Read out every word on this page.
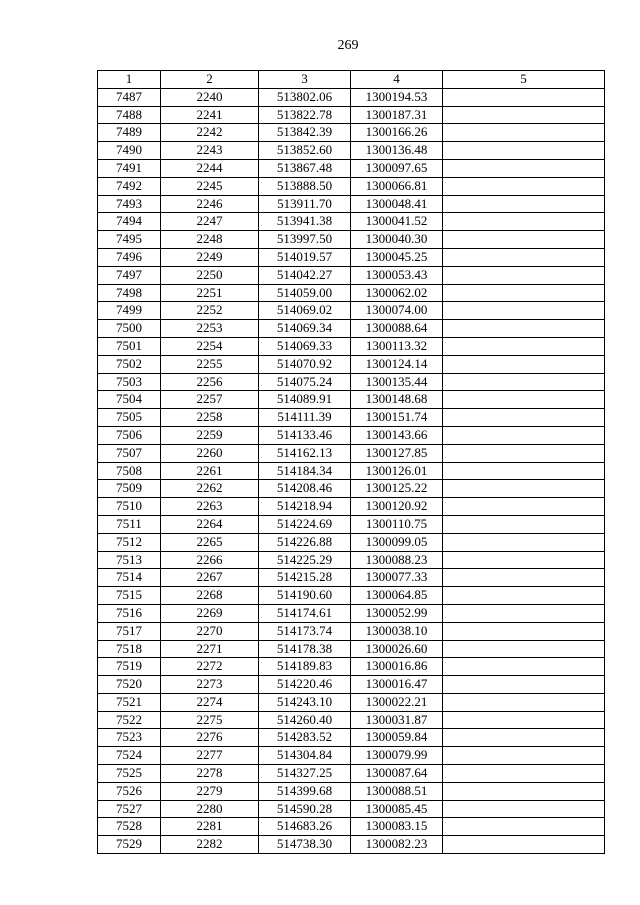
269
1	2	3	4	5
7487	2240	513802.06	1300194.53	
7488	2241	513822.78	1300187.31	
7489	2242	513842.39	1300166.26	
7490	2243	513852.60	1300136.48	
7491	2244	513867.48	1300097.65	
7492	2245	513888.50	1300066.81	
7493	2246	513911.70	1300048.41	
7494	2247	513941.38	1300041.52	
7495	2248	513997.50	1300040.30	
7496	2249	514019.57	1300045.25	
7497	2250	514042.27	1300053.43	
7498	2251	514059.00	1300062.02	
7499	2252	514069.02	1300074.00	
7500	2253	514069.34	1300088.64	
7501	2254	514069.33	1300113.32	
7502	2255	514070.92	1300124.14	
7503	2256	514075.24	1300135.44	
7504	2257	514089.91	1300148.68	
7505	2258	514111.39	1300151.74	
7506	2259	514133.46	1300143.66	
7507	2260	514162.13	1300127.85	
7508	2261	514184.34	1300126.01	
7509	2262	514208.46	1300125.22	
7510	2263	514218.94	1300120.92	
7511	2264	514224.69	1300110.75	
7512	2265	514226.88	1300099.05	
7513	2266	514225.29	1300088.23	
7514	2267	514215.28	1300077.33	
7515	2268	514190.60	1300064.85	
7516	2269	514174.61	1300052.99	
7517	2270	514173.74	1300038.10	
7518	2271	514178.38	1300026.60	
7519	2272	514189.83	1300016.86	
7520	2273	514220.46	1300016.47	
7521	2274	514243.10	1300022.21	
7522	2275	514260.40	1300031.87	
7523	2276	514283.52	1300059.84	
7524	2277	514304.84	1300079.99	
7525	2278	514327.25	1300087.64	
7526	2279	514399.68	1300088.51	
7527	2280	514590.28	1300085.45	
7528	2281	514683.26	1300083.15	
7529	2282	514738.30	1300082.23	
